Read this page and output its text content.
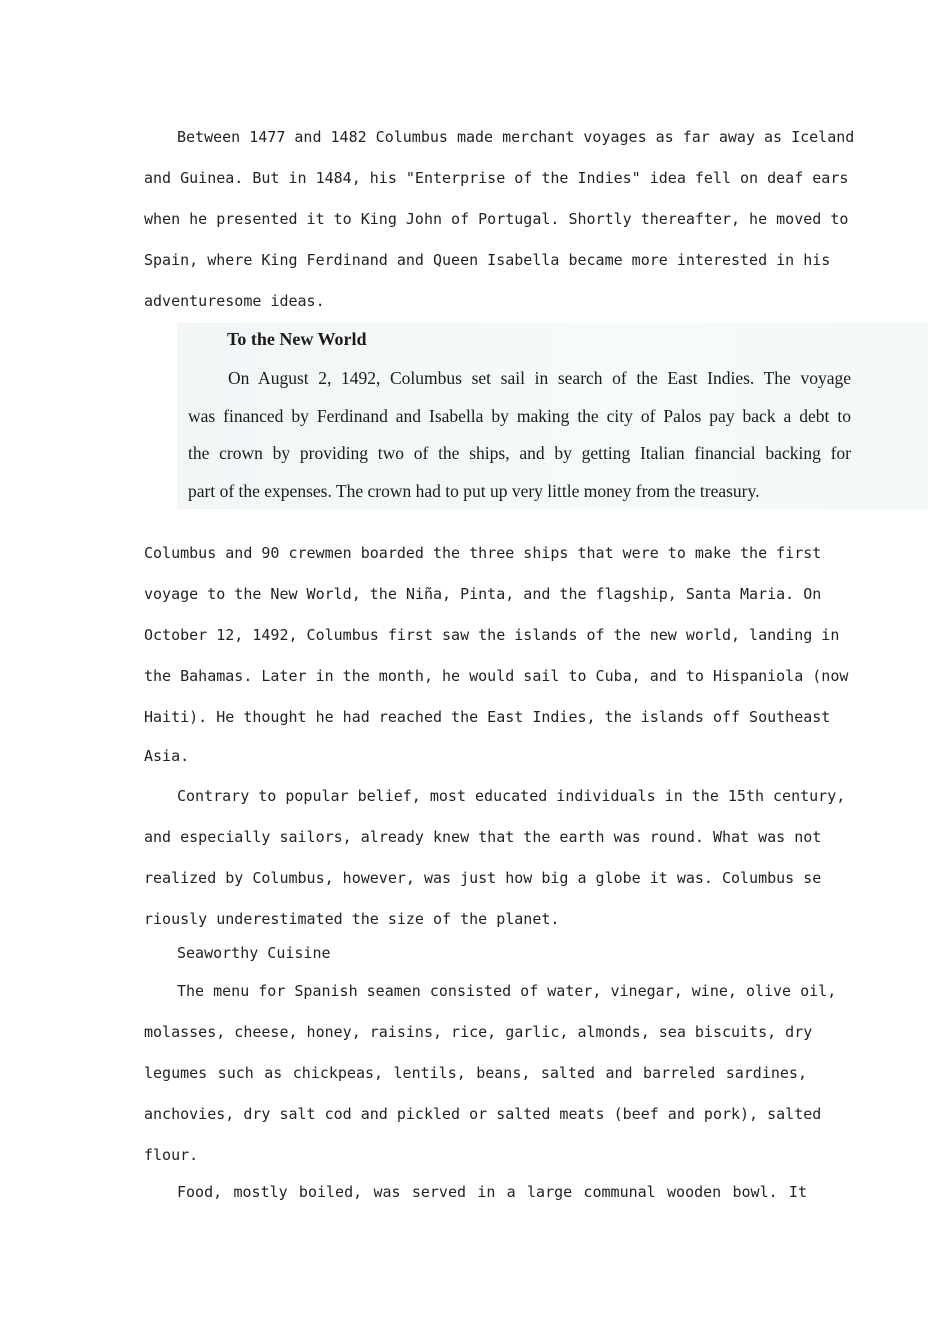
Between 1477 and 1482 Columbus made merchant voyages as far away as Iceland
and Guinea. But in 1484, his "Enterprise of the Indies" idea fell on deaf ears
when he presented it to King John of Portugal. Shortly thereafter, he moved to
Spain, where King Ferdinand and Queen Isabella became more interested in his
adventuresome ideas.
To the New World
On August 2, 1492, Columbus set sail in search of the East Indies. The voyage
was financed by Ferdinand and Isabella by making the city of Palos pay back a debt to
the crown by providing two of the ships, and by getting Italian financial backing for
part of the expenses. The crown had to put up very little money from the treasury.
Columbus and 90 crewmen boarded the three ships that were to make the first
voyage to the New World, the Niña, Pinta, and the flagship, Santa Maria. On
October 12, 1492, Columbus first saw the islands of the new world, landing in
the Bahamas. Later in the month, he would sail to Cuba, and to Hispaniola (now
Haiti). He thought he had reached the East Indies, the islands off Southeast
Asia.
Contrary to popular belief, most educated individuals in the 15th century,
and especially sailors, already knew that the earth was round. What was not
realized by Columbus, however, was just how big a globe it was. Columbus se
riously underestimated the size of the planet.
Seaworthy Cuisine
The menu for Spanish seamen consisted of water, vinegar, wine, olive oil,
molasses, cheese, honey, raisins, rice, garlic, almonds, sea biscuits, dry
legumes such as chickpeas, lentils, beans, salted and barreled sardines,
anchovies, dry salt cod and pickled or salted meats (beef and pork), salted
flour.
Food, mostly boiled, was served in a large communal wooden bowl. It
